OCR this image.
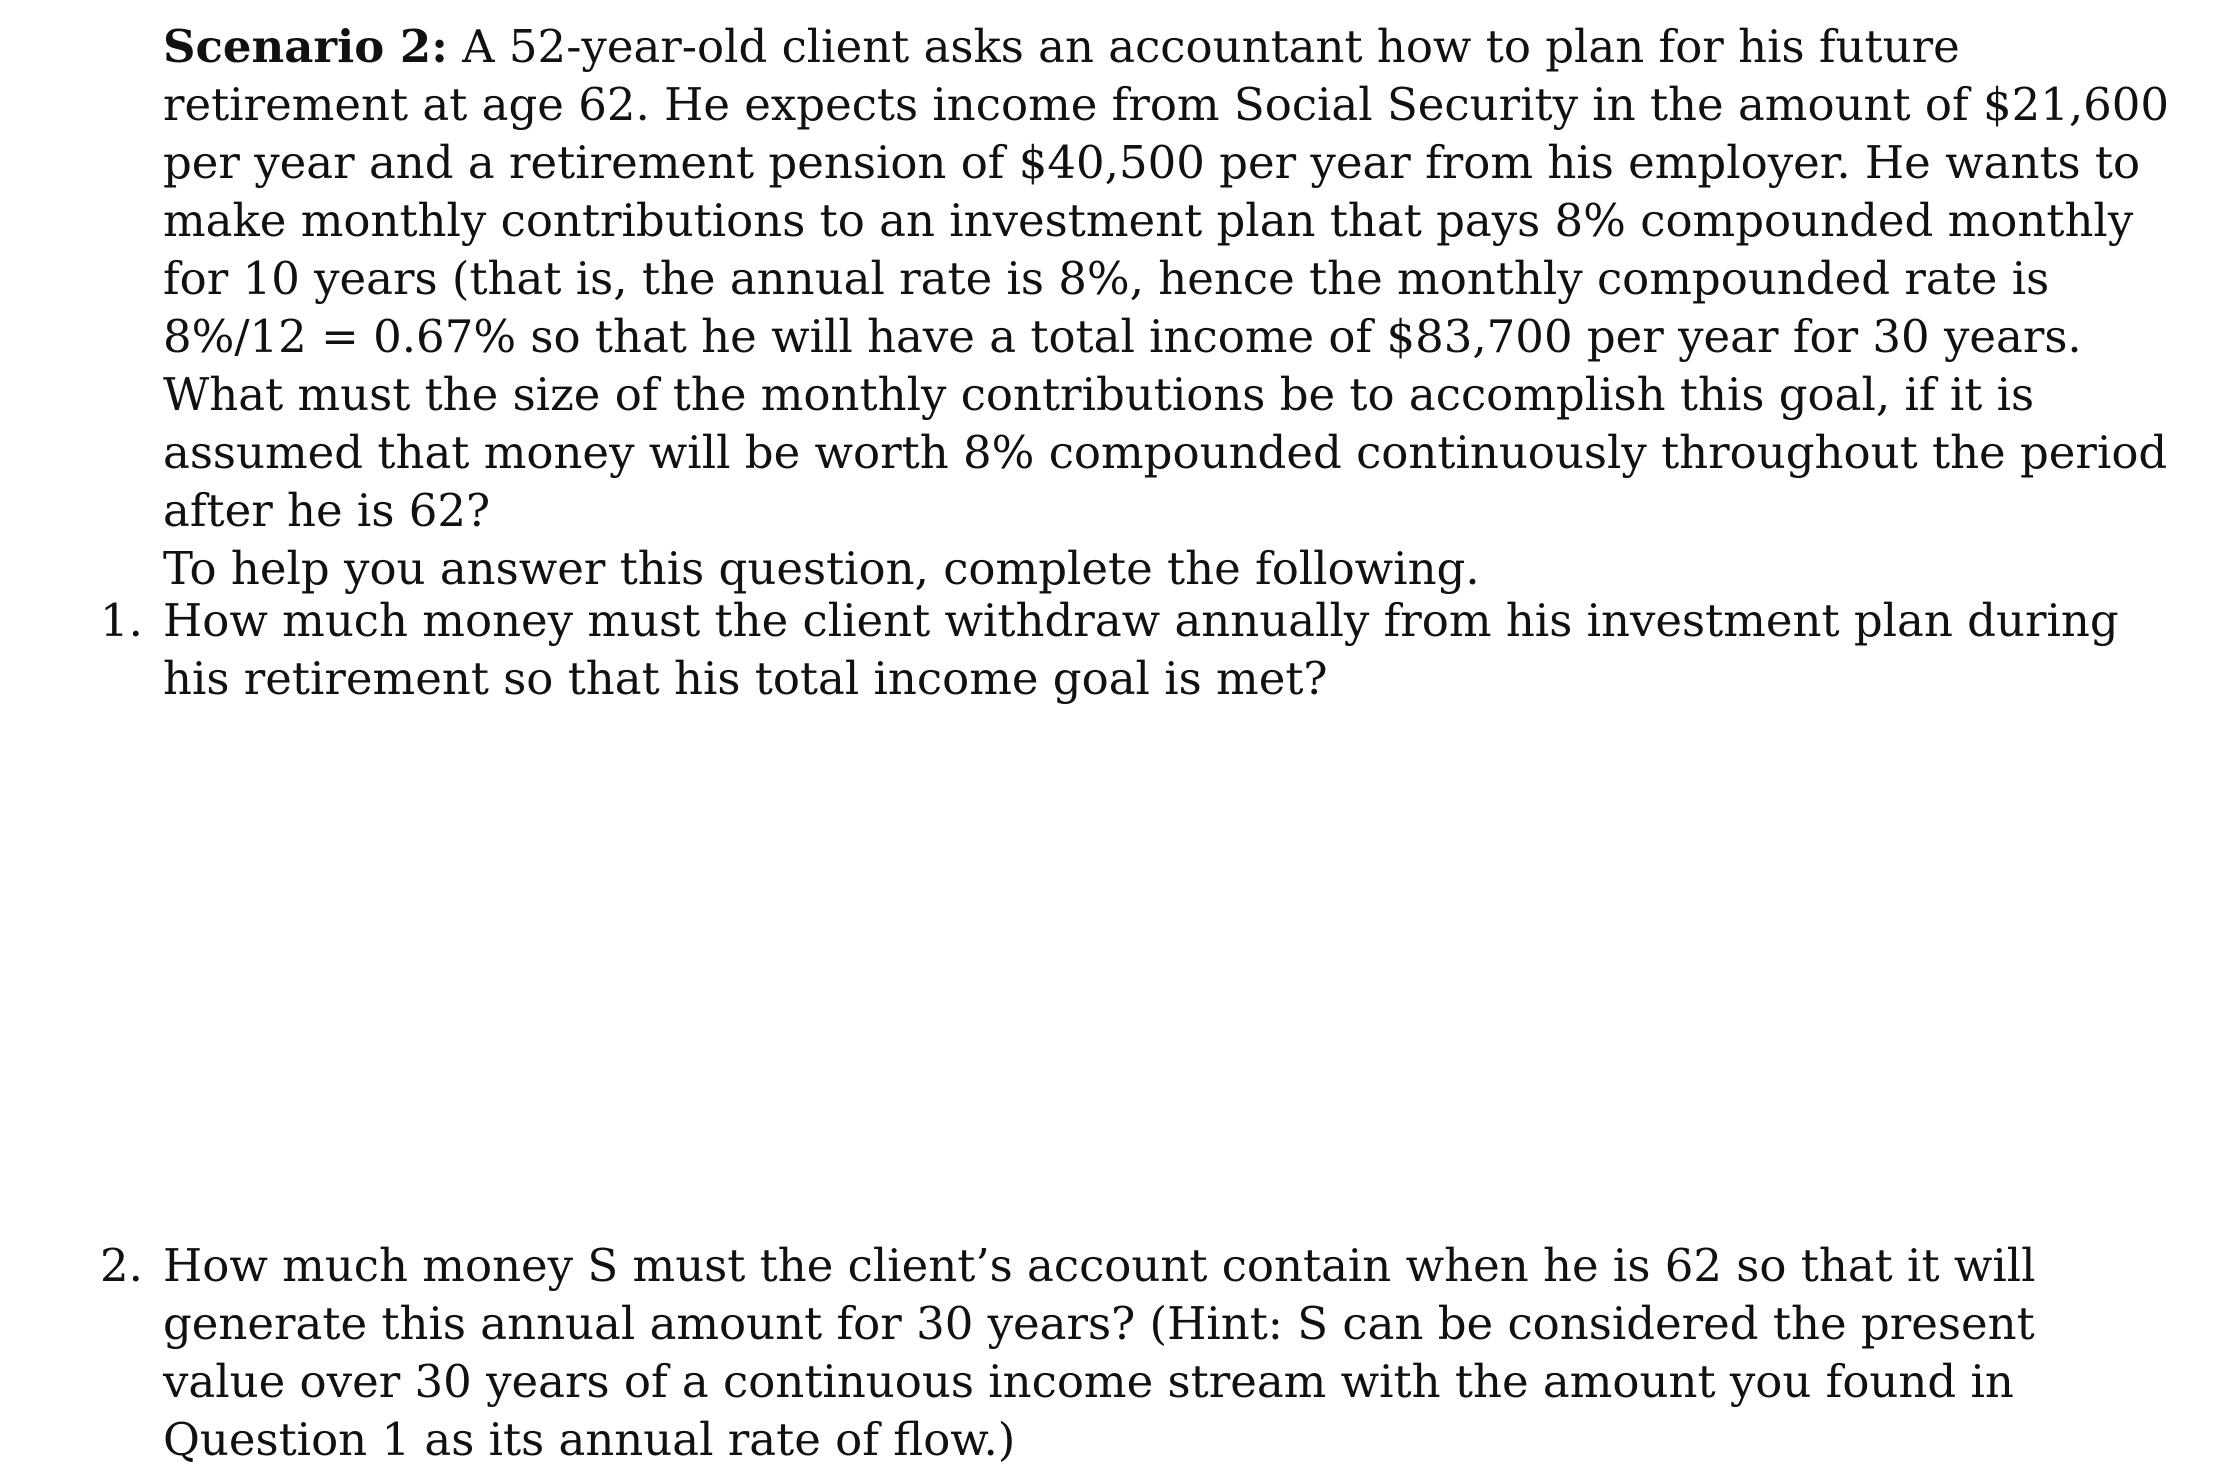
Scenario 2: A 52-year-old client asks an accountant how to plan for his future retirement at age 62. He expects income from Social Security in the amount of $21,600 per year and a retirement pension of $40,500 per year from his employer. He wants to make monthly contributions to an investment plan that pays 8% compounded monthly for 10 years (that is, the annual rate is 8%, hence the monthly compounded rate is 8%/12 = 0.67% so that he will have a total income of $83,700 per year for 30 years. What must the size of the monthly contributions be to accomplish this goal, if it is assumed that money will be worth 8% compounded continuously throughout the period after he is 62?
To help you answer this question, complete the following.

1. How much money must the client withdraw annually from his investment plan during his retirement so that his total income goal is met?
2. How much money S must the client’s account contain when he is 62 so that it will generate this annual amount for 30 years? (Hint: S can be considered the present value over 30 years of a continuous income stream with the amount you found in Question 1 as its annual rate of flow.)
